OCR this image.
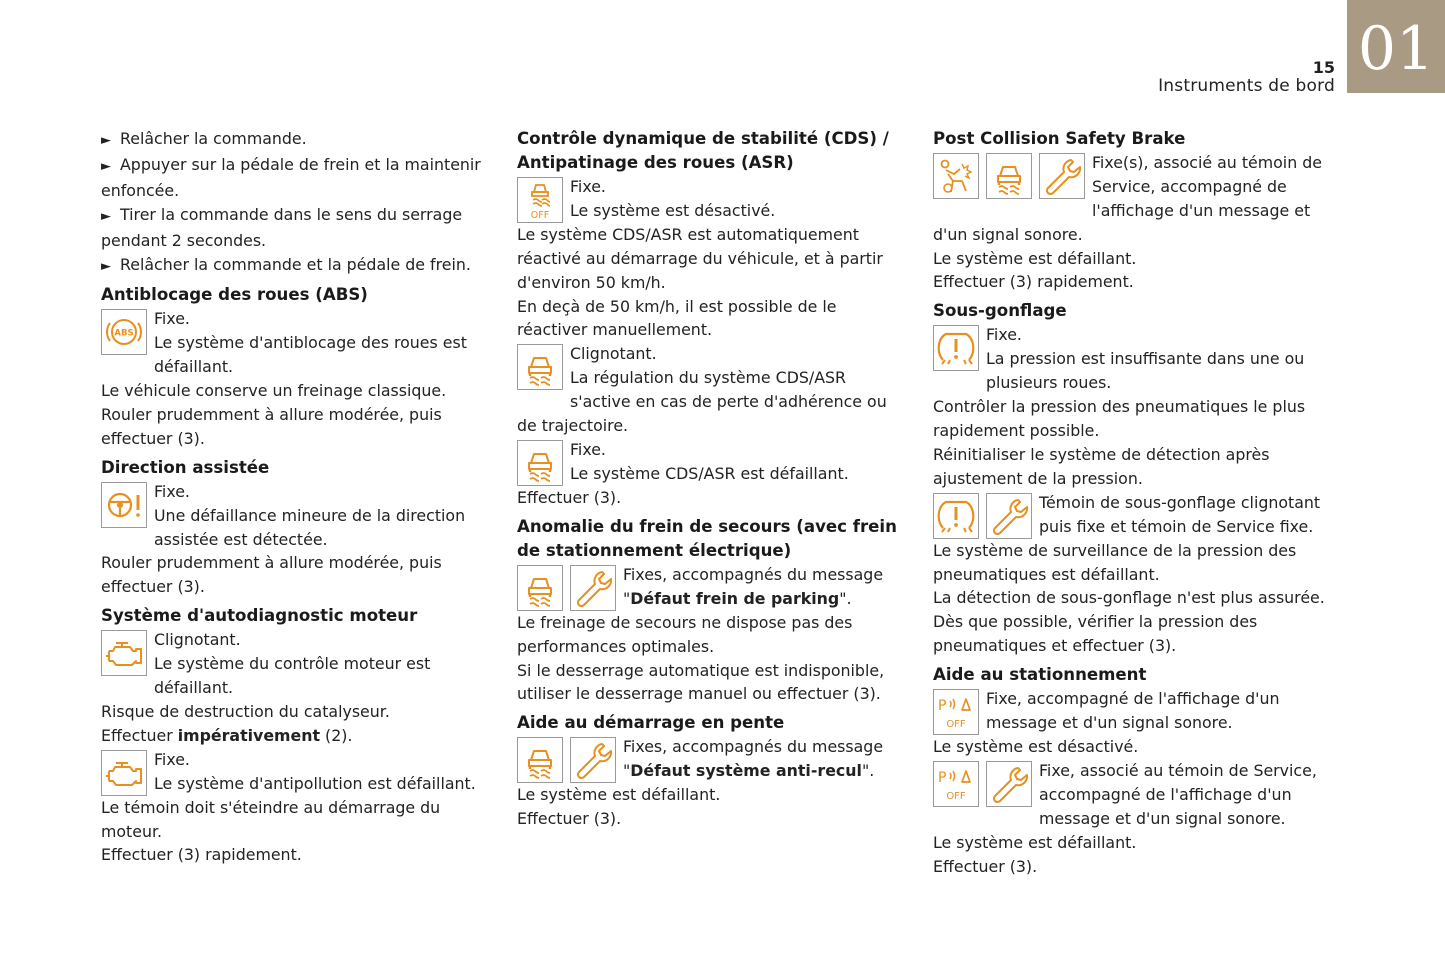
01
15
Instruments de bord

► Relâcher la commande.

► Appuyer sur la pédale de frein et la maintenir enfoncée.

► Tirer la commande dans le sens du serrage pendant 2 secondes.

► Relâcher la commande et la pédale de frein.

Antiblocage des roues (ABS)

Fixe.

Le système d'antiblocage des roues est défaillant.

Le véhicule conserve un freinage classique.

Rouler prudemment à allure modérée, puis effectuer (3).

Direction assistée

Fixe.

Une défaillance mineure de la direction assistée est détectée.

Rouler prudemment à allure modérée, puis effectuer (3).

Système d'autodiagnostic moteur

Clignotant.

Le système du contrôle moteur est défaillant.

Risque de destruction du catalyseur.

Effectuer impérativement (2).

Fixe.

Le système d'antipollution est défaillant.

Le témoin doit s'éteindre au démarrage du moteur.

Effectuer (3) rapidement.

Contrôle dynamique de stabilité (CDS) / Antipatinage des roues (ASR)

Fixe.

Le système est désactivé.

Le système CDS/ASR est automatiquement réactivé au démarrage du véhicule, et à partir d'environ 50 km/h.

En deçà de 50 km/h, il est possible de le réactiver manuellement.

Clignotant.

La régulation du système CDS/ASR s'active en cas de perte d'adhérence ou de trajectoire.

Fixe.

Le système CDS/ASR est défaillant.

Effectuer (3).

Anomalie du frein de secours (avec frein de stationnement électrique)

Fixes, accompagnés du message "Défaut frein de parking".

Le freinage de secours ne dispose pas des performances optimales.

Si le desserrage automatique est indisponible, utiliser le desserrage manuel ou effectuer (3).

Aide au démarrage en pente

Fixes, accompagnés du message "Défaut système anti-recul".

Le système est défaillant.

Effectuer (3).

Post Collision Safety Brake

Fixe(s), associé au témoin de Service, accompagné de l'affichage d'un message et d'un signal sonore.

Le système est défaillant.

Effectuer (3) rapidement.

Sous-gonflage

Fixe.

La pression est insuffisante dans une ou plusieurs roues.

Contrôler la pression des pneumatiques le plus rapidement possible.

Réinitialiser le système de détection après ajustement de la pression.

Témoin de sous-gonflage clignotant puis fixe et témoin de Service fixe.

Le système de surveillance de la pression des pneumatiques est défaillant.

La détection de sous-gonflage n'est plus assurée.

Dès que possible, vérifier la pression des pneumatiques et effectuer (3).

Aide au stationnement

Fixe, accompagné de l'affichage d'un message et d'un signal sonore.

Le système est désactivé.

Fixe, associé au témoin de Service, accompagné de l'affichage d'un message et d'un signal sonore.

Le système est défaillant.

Effectuer (3).
